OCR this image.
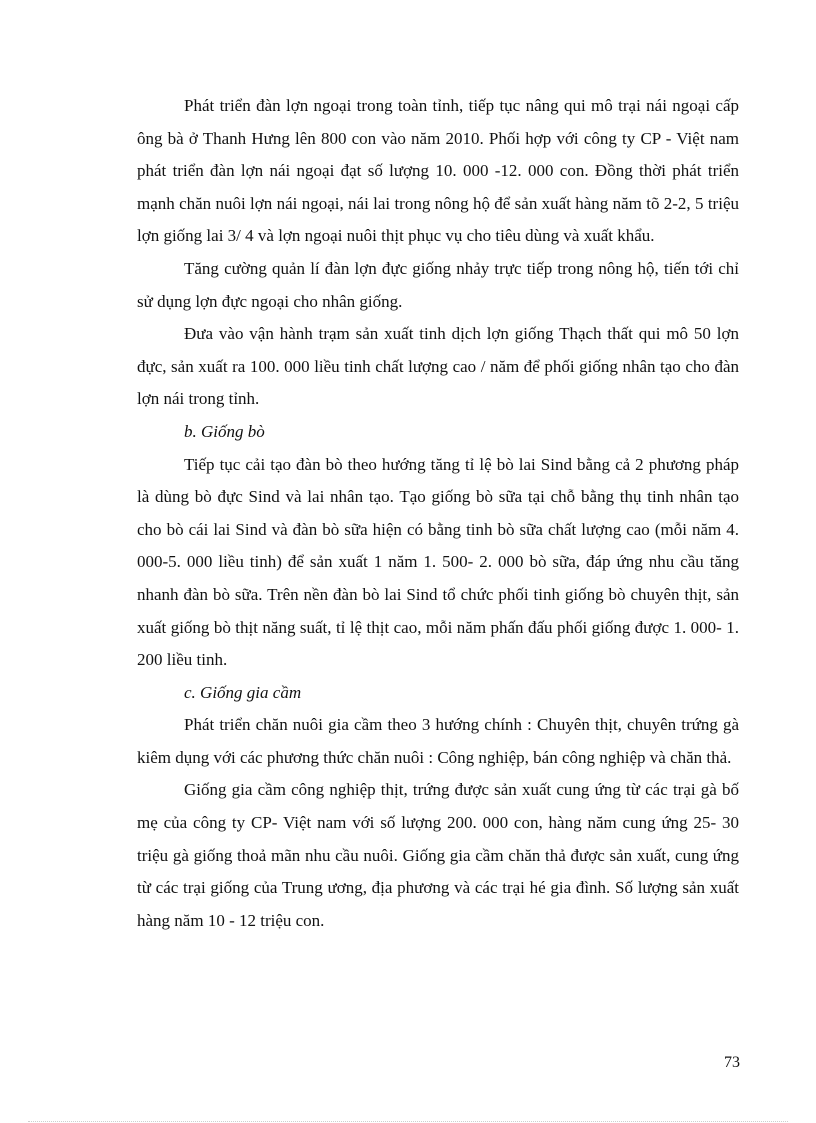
Phát triển đàn lợn ngoại trong toàn tỉnh, tiếp tục nâng qui mô trại nái ngoại cấp ông bà ở Thanh Hưng lên 800 con vào năm 2010. Phối hợp với công ty CP - Việt nam phát triển đàn lợn nái ngoại đạt số lượng 10. 000 -12. 000 con. Đồng thời phát triển mạnh chăn nuôi lợn nái ngoại, nái lai trong nông hộ để sản xuất hàng năm tõ 2-2, 5 triệu lợn giống lai 3/ 4 và lợn ngoại nuôi thịt phục vụ cho tiêu dùng và xuất khẩu.

Tăng cường quản lí đàn lợn đực giống nhảy trực tiếp trong nông hộ, tiến tới chỉ sử dụng lợn đực ngoại cho nhân giống.

Đưa vào vận hành trạm sản xuất tinh dịch lợn giống Thạch thất qui mô 50 lợn đực, sản xuất ra 100. 000 liều tinh chất lượng cao / năm để phối giống nhân tạo cho đàn lợn nái trong tỉnh.

b. Giống bò

Tiếp tục cải tạo đàn bò theo hướng tăng tỉ lệ bò lai Sind bằng cả 2 phương pháp là dùng bò đực Sind và lai nhân tạo. Tạo giống bò sữa tại chỗ bằng thụ tinh nhân tạo cho bò cái lai Sind và đàn bò sữa hiện có bằng tinh bò sữa chất lượng cao (mỗi năm 4. 000-5. 000 liều tinh) để sản xuất 1 năm 1. 500- 2. 000 bò sữa, đáp ứng nhu cầu tăng nhanh đàn bò sữa. Trên nền đàn bò lai Sind tổ chức phối tinh giống bò chuyên thịt, sản xuất giống bò thịt năng suất, tỉ lệ thịt cao, mỗi năm phấn đấu phối giống được 1. 000- 1. 200 liều tinh.

c. Giống gia cầm

Phát triển chăn nuôi gia cầm theo 3 hướng chính : Chuyên thịt, chuyên trứng gà kiêm dụng với các phương thức chăn nuôi : Công nghiệp, bán công nghiệp và chăn thả.

Giống gia cầm công nghiệp thịt, trứng được sản xuất cung ứng từ các trại gà bố mẹ của công ty CP- Việt nam với số lượng 200. 000 con, hàng năm cung ứng 25- 30 triệu gà giống thoả mãn nhu cầu nuôi. Giống gia cầm chăn thả được sản xuất, cung ứng từ các trại giống của Trung ương, địa phương và các trại hé gia đình. Số lượng sản xuất hàng năm 10 - 12 triệu con.

73
